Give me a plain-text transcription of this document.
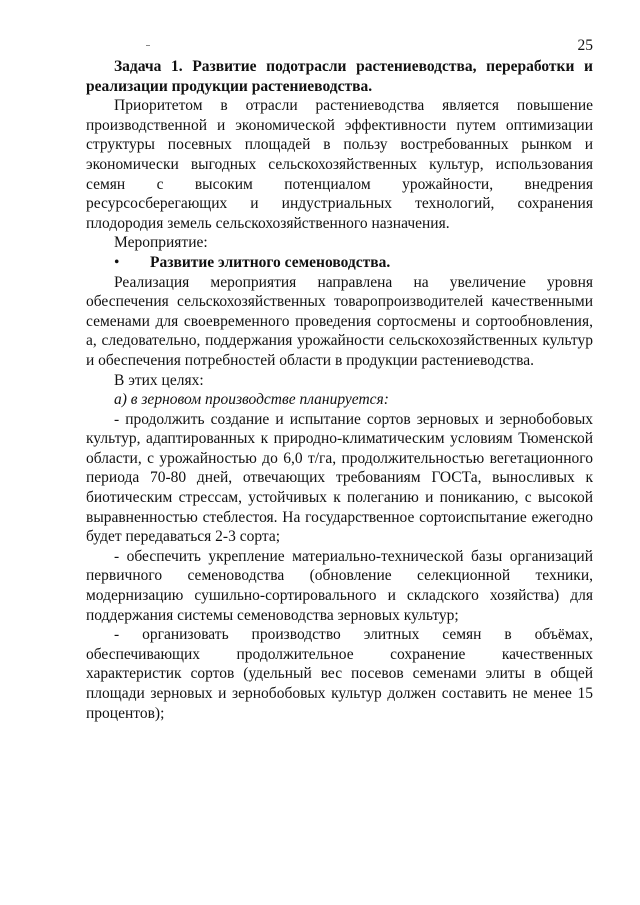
25

Задача 1. Развитие подотрасли растениеводства, переработки и реализации продукции растениеводства.

Приоритетом в отрасли растениеводства является повышение производственной и экономической эффективности путем оптимизации структуры посевных площадей в пользу востребованных рынком и экономически выгодных сельскохозяйственных культур, использования семян с высоким потенциалом урожайности, внедрения ресурсосберегающих и индустриальных технологий, сохранения плодородия земель сельскохозяйственного назначения.

Мероприятие:

•	Развитие элитного семеноводства.

Реализация мероприятия направлена на увеличение уровня обеспечения сельскохозяйственных товаропроизводителей качественными семенами для своевременного проведения сортосмены и сортообновления, а, следовательно, поддержания урожайности сельскохозяйственных культур и обеспечения потребностей области в продукции растениеводства.

В этих целях:

а) в зерновом производстве планируется:

- продолжить создание и испытание сортов зерновых и зернобобовых культур, адаптированных к природно-климатическим условиям Тюменской области, с урожайностью до 6,0 т/га, продолжительностью вегетационного периода 70-80 дней, отвечающих требованиям ГОСТа, выносливых к биотическим стрессам, устойчивых к полеганию и пониканию, с высокой выравненностью стеблестоя. На государственное сортоиспытание ежегодно будет передаваться 2-3 сорта;

- обеспечить укрепление материально-технической базы организаций первичного семеноводства (обновление селекционной техники, модернизацию сушильно-сортировального и складского хозяйства) для поддержания системы семеноводства зерновых культур;

- организовать производство элитных семян в объёмах, обеспечивающих продолжительное сохранение качественных характеристик сортов (удельный вес посевов семенами элиты в общей площади зерновых и зернобобовых культур должен составить не менее 15 процентов);
